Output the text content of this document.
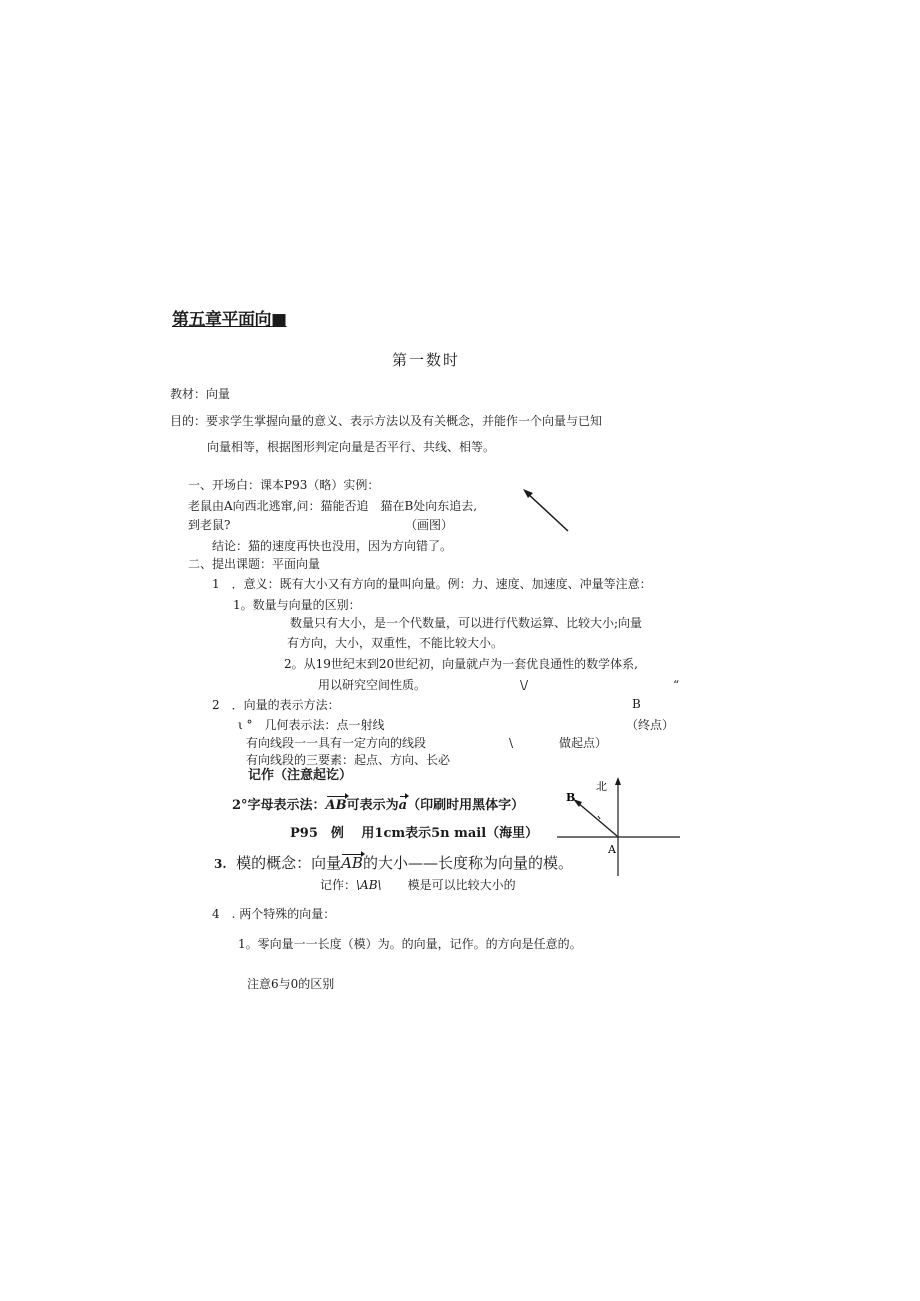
第五章平面向■
第一数时
教材：向量
目的：要求学生掌握向量的意义、表示方法以及有关概念，并能作一个向量与已知
向量相等，根据图形判定向量是否平行、共线、相等。
一、开场白：课本P93（略）实例：
老鼠由A向西北逃窜,问：猫能否追　猫在B处向东追去,
到老鼠?	（画图）
结论：猫的速度再快也没用，因为方向错了。
二、提出课题：平面向量
1　．意义：既有大小又有方向的量叫向量。例：力、速度、加速度、冲量等注意：
1。数量与向量的区别：
数量只有大小，是一个代数量，可以进行代数运算、比较大小;向量
有方向，大小，双重性，不能比较大小。
2。从19世纪末到20世纪初，向量就卢为一套优良通性的数学体系,
用以研究空间性质。	\/	“
2　．向量的表示方法：	B
ι °　几何表示法：点一射线	（终点）
有向线段一一具有一定方向的线段	\	做起点）
有向线段的三要素：起点、方向、长必
记作（注意起讫）
2°字母表示法：AB可表示为a（印刷时用黑体字）
P95　例　 用1cm表示5n mail（海里）
3. 模的概念：向量AB的大小——长度称为向量的模。
记作：\AB\ 模是可以比较大小的
4　. 两个特殊的向量：
1。零向量一一长度（模）为。的向量，记作。的方向是任意的。
注意6与0的区别
北
B
A
